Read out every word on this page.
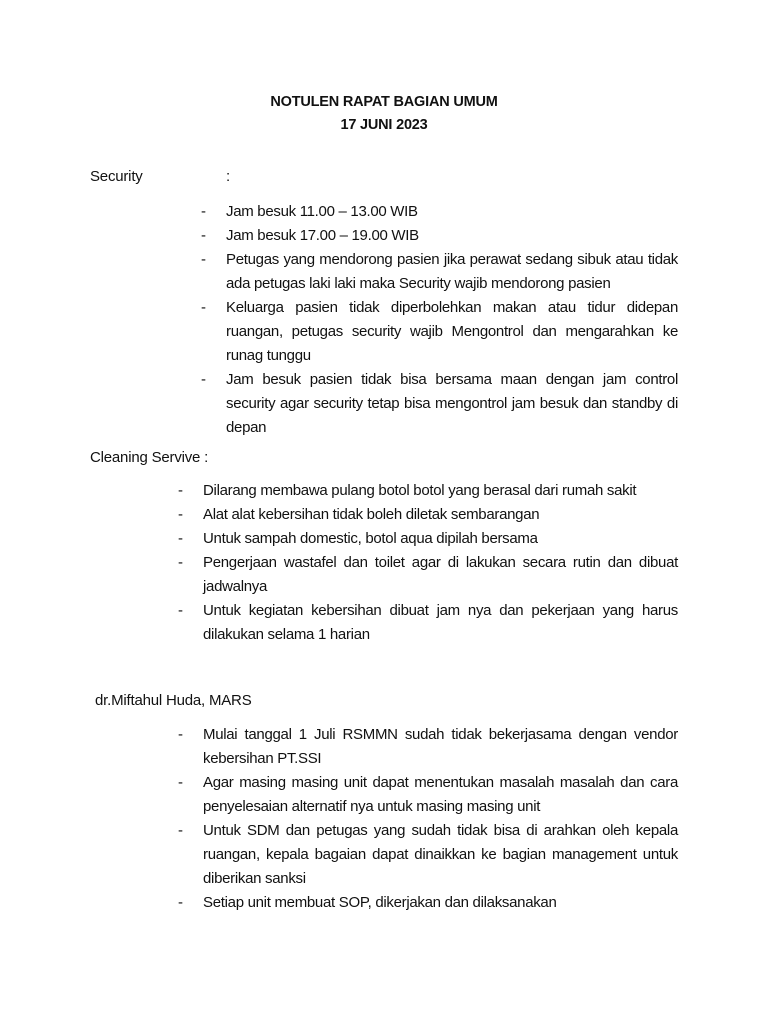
NOTULEN RAPAT BAGIAN UMUM
17 JUNI 2023
Security	:
- Jam besuk 11.00 – 13.00 WIB
- Jam besuk 17.00 – 19.00 WIB
- Petugas yang mendorong pasien jika perawat sedang sibuk atau tidak ada petugas laki laki maka Security wajib mendorong pasien
- Keluarga pasien tidak diperbolehkan makan atau tidur didepan ruangan, petugas security wajib Mengontrol dan mengarahkan ke runag tunggu
- Jam besuk pasien tidak bisa bersama maan dengan jam control security agar security tetap bisa mengontrol jam besuk dan standby di depan
Cleaning Servive :
- Dilarang membawa pulang botol botol yang berasal dari rumah sakit
- Alat alat kebersihan tidak boleh diletak sembarangan
- Untuk sampah domestic, botol aqua dipilah bersama
- Pengerjaan wastafel dan toilet agar di lakukan secara rutin dan dibuat jadwalnya
- Untuk kegiatan kebersihan dibuat jam nya dan pekerjaan yang harus dilakukan selama 1 harian
dr.Miftahul Huda, MARS
- Mulai tanggal 1 Juli RSMMN sudah tidak bekerjasama dengan vendor kebersihan PT.SSI
- Agar masing masing unit dapat menentukan masalah masalah dan cara penyelesaian alternatif nya untuk masing masing unit
- Untuk SDM dan petugas yang sudah tidak bisa di arahkan oleh kepala ruangan, kepala bagaian dapat dinaikkan ke bagian management untuk diberikan sanksi
- Setiap unit membuat SOP, dikerjakan dan dilaksanakan
